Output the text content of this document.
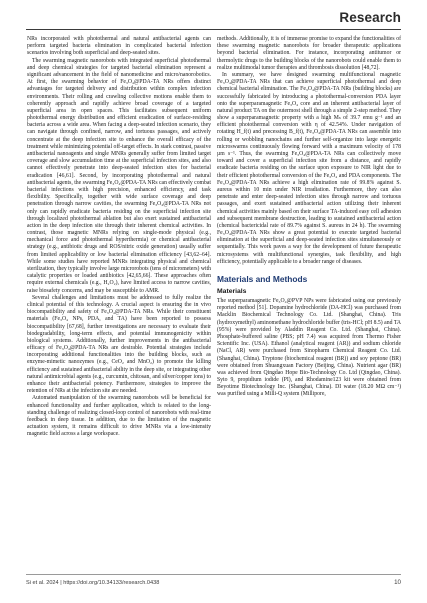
Research

NRs incorporated with photothermal and natural antibacterial agents can perform targeted bacteria elimination in complicated bacterial infection scenarios involving both superficial and deep-seated sites.

The swarming magnetic nanorobots with integrated superficial photothermal and deep chemical strategies for targeted bacterial elimination represent a significant advancement in the field of nanomedicine and micro/nanorobotics. At first, the swarming behavior of Fe₃O₄@PDA-TA NRs offers distinct advantages for targeted delivery and distribution within complex infection environments. Their rolling and crawling collective motions enable them to coherently approach and rapidly achieve broad coverage of a targeted superficial area in open spaces. This facilitates subsequent uniform photothermal energy distribution and efficient eradication of surface-residing bacteria across a wide area. When facing a deep-seated infection scenario, they can navigate through confined, narrow, and tortuous passages, and actively concentrate at the deep infection site to enhance the overall efficacy of the treatment while minimizing potential off-target effects. In stark contrast, passive antibacterial nanoagents and single MNRs generally suffer from limited target coverage and slow accumulation time at the superficial infection sites, and also cannot effectively penetrate into deep-seated infection sites for bacterial eradication [46,61]. Second, by incorporating photothermal and natural antibacterial agents, the swarming Fe₃O₄@PDA-TA NRs can effectively combat bacterial infections with high precision, enhanced efficiency, and task flexibility. Specifically, together with wide surface coverage and deep penetration through narrow cavities, the swarming Fe₃O₄@PDA-TA NRs not only can rapidly eradicate bacteria residing on the superficial infection site through localized photothermal ablation but also exert sustained antibacterial action in the deep infection site through their inherent chemical activities. In contrast, those magnetic MNRs relying on single-mode physical (e.g., mechanical force and photothermal hyperthermia) or chemical antibacterial strategy (e.g., antibiotic drugs and ROS/nitric oxide generation) usually suffer from limited applicability or low bacterial elimination efficiency [43,62–64]. While some studies have reported MNRs integrating physical and chemical sterilization, they typically involve large microrobots (tens of micrometers) with catalytic properties or loaded antibiotics [42,65,66]. These approaches often require external chemicals (e.g., H₂O₂), have limited access to narrow cavities, raise biosafety concerns, and may be susceptible to AMR.

Several challenges and limitations must be addressed to fully realize the clinical potential of this technology. A crucial aspect is ensuring the in vivo biocompatibility and safety of Fe₃O₄@PDA-TA NRs. While their constituent materials (Fe₃O₄ NPs, PDA, and TA) have been reported to possess biocompatibility [67,68], further investigations are necessary to evaluate their biodegradability, long-term effects, and potential immunogenicity within biological systems. Additionally, further improvements in the antibacterial efficacy of Fe₃O₄@PDA-TA NRs are desirable. Potential strategies include incorporating additional functionalities into the building blocks, such as enzyme-mimetic nanozymes (e.g., CeO₂ and MnO₂) to promote the killing efficiency and sustained antibacterial ability in the deep site, or integrating other natural antimicrobial agents (e.g., curcumin, chitosan, and silver/copper ions) to enhance their antibacterial potency. Furthermore, strategies to improve the retention of NRs at the infection site are needed.

Automated manipulation of the swarming nanorobots will be beneficial for enhanced functionality and further application, which is related to the long-standing challenge of realizing closed-loop control of nanorobots with real-time feedback in deep tissue. In addition, due to the limitation of the magnetic actuation system, it remains difficult to drive MNRs via a low-intensity magnetic field across a large workspace.

methods. Additionally, it is of immense promise to expand the functionalities of these swarming magnetic nanorobots for broader therapeutic applications beyond bacterial elimination. For instance, incorporating antitumor or thermolytic drugs to the building blocks of the nanorobots could enable them to realize multimodal tumor therapies and thrombosis dissolution [48,72].

In summary, we have designed swarming multifunctional magnetic Fe₃O₄@PDA-TA NRs that can achieve superficial photothermal and deep chemical bacterial elimination. The Fe₃O₄@PDA-TA NRs (building blocks) are successfully fabricated by introducing a photothermal-conversion PDA layer onto the superparamagnetic Fe₃O₄ core and an inherent antibacterial layer of natural product TA on the outermost shell through a simple 2-step method. They show a superparamagnetic property with a high Mₛ of 39.7 emu g⁻¹ and an efficient photothermal conversion with η of 42.54%. Under navigation of rotating H_f(t) and precessing B_f(t), Fe₃O₄@PDA-TA NRs can assemble into rolling or wobbling nanochains and further self-organize into large energetic microswarms continuously flowing forward with a maximum velocity of 178 µm s⁻¹. Thus, the swarming Fe₃O₄@PDA-TA NRs can collectively move toward and cover a superficial infection site from a distance, and rapidly eradicate bacteria residing on the surface upon exposure to NIR light due to their efficient photothermal conversion of the Fe₃O₄ and PDA components. The Fe₃O₄@PDA-TA NRs achieve a high elimination rate of 99.8% against S. aureus within 10 min under NIR irradiation. Furthermore, they can also penetrate and enter deep-seated infection sites through narrow and tortuous passages, and exert sustained antibacterial action utilizing their inherent chemical activities mainly based on their surface TA-induced easy cell adhesion and subsequent membrane destruction, leading to sustained antibacterial action (chemical bactericidal rate of 89.7% against S. aureus in 24 h). The swarming Fe₃O₄@PDA-TA NRs show a great potential to execute targeted bacterial elimination at the superficial and deep-seated infection sites simultaneously or sequentially. This work paves a way for the development of future therapeutic microsystems with multifunctional synergies, task flexibility, and high efficiency, potentially applicable to a broader range of diseases.

Materials and Methods
Materials

The superparamagnetic Fe₃O₄@PVP NPs were fabricated using our previously reported method [51]. Dopamine hydrochloride (DA-HCl) was purchased from Macklin Biochemical Technology Co. Ltd. (Shanghai, China). Tris (hydroxymethyl) aminomethane hydrochloride buffer (tris-HCl; pH 8.5) and TA (95%) were provided by Aladdin Reagent Co. Ltd. (Shanghai, China). Phosphate-buffered saline (PBS; pH 7.4) was acquired from Thermo Fisher Scientific Inc. (USA). Ethanol (analytical reagent (AR)) and sodium chloride (NaCl, AR) were purchased from Sinopharm Chemical Reagent Co. Ltd. (Shanghai, China). Tryptone (biochemical reagent (BR)) and soy peptone (BR) were obtained from Shuangxuan Factory (Beijing, China). Nutrient agar (BR) was achieved from Qingdao Hope Bio-Technology Co. Ltd (Qingdao, China). Syto 9, propidium iodide (PI), and Rhodamine123 kit were obtained from Beyotime Biotechnology Inc. (Shanghai, China). DI water (18.20 MΩ cm⁻¹) was purified using a Milli-Q system (Millipore,

Si et al. 2024 | https://doi.org/10.34133/research.0438	10
